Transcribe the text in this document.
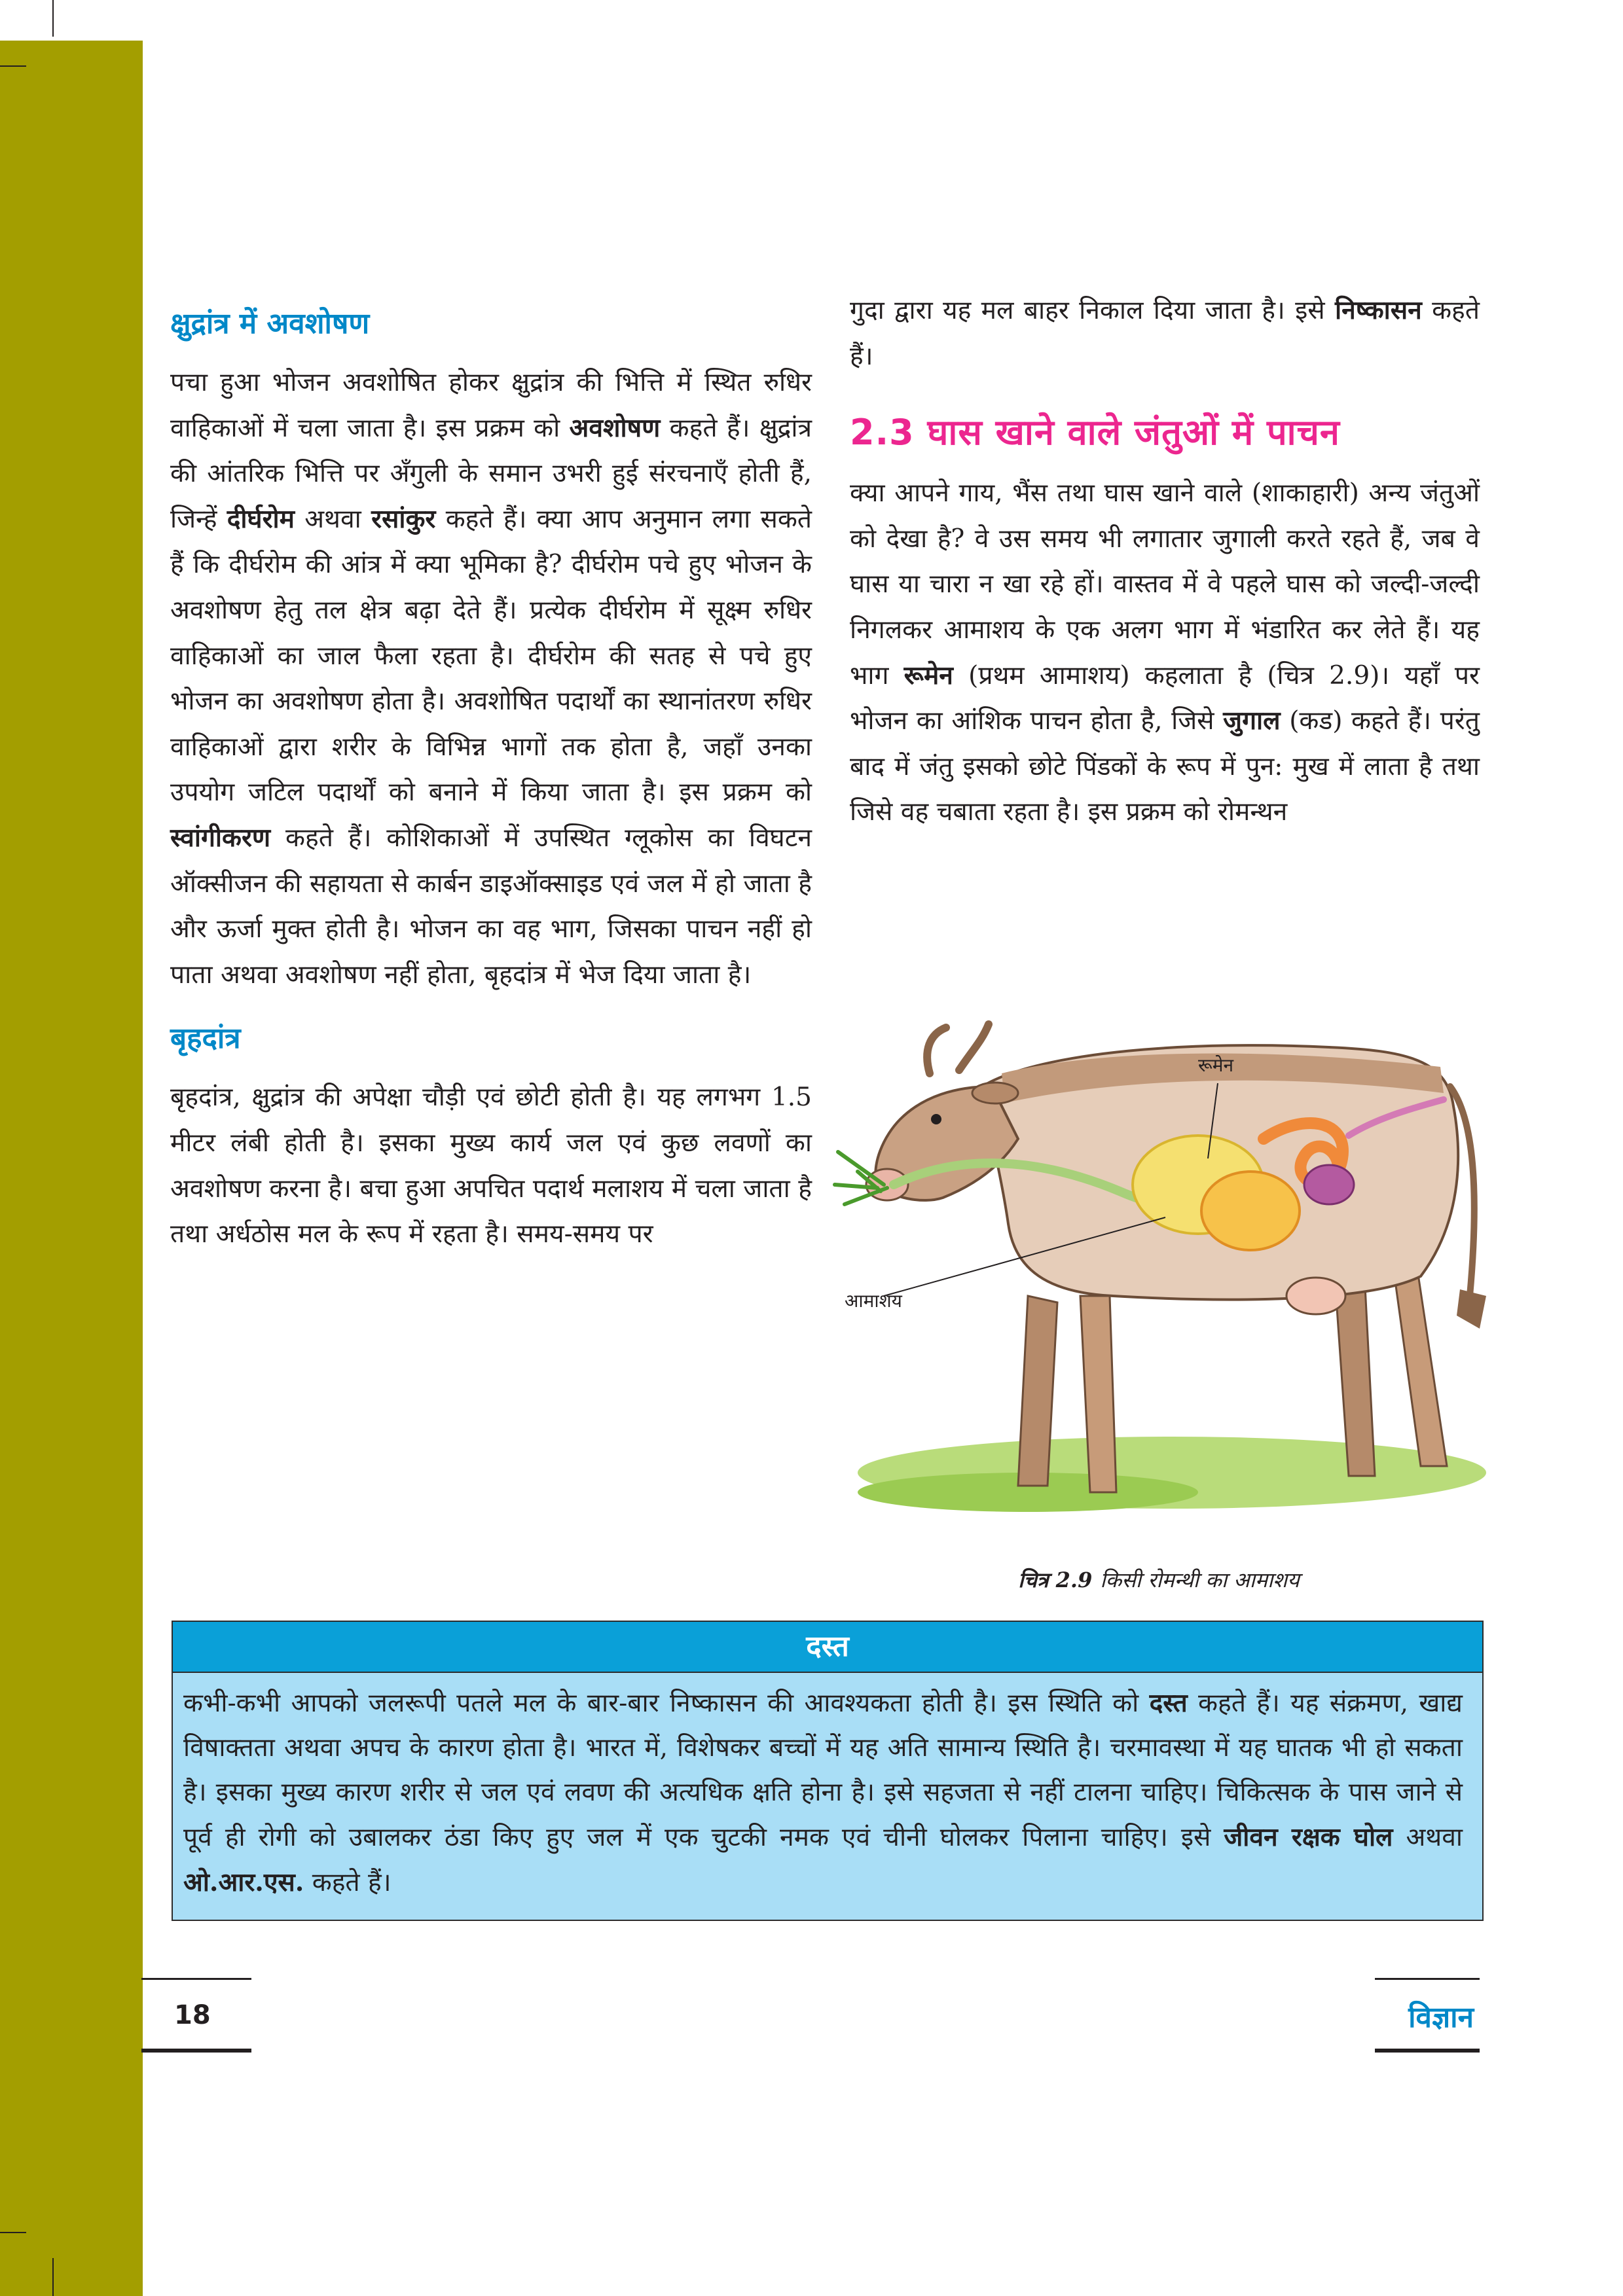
क्षुद्रांत्र में अवशोषण

पचा हुआ भोजन अवशोषित होकर क्षुद्रांत्र की भित्ति में स्थित रुधिर वाहिकाओं में चला जाता है। इस प्रक्रम को अवशोषण कहते हैं। क्षुद्रांत्र की आंतरिक भित्ति पर अँगुली के समान उभरी हुई संरचनाएँ होती हैं, जिन्हें दीर्घरोम अथवा रसांकुर कहते हैं। क्या आप अनुमान लगा सकते हैं कि दीर्घरोम की आंत्र में क्या भूमिका है? दीर्घरोम पचे हुए भोजन के अवशोषण हेतु तल क्षेत्र बढ़ा देते हैं। प्रत्येक दीर्घरोम में सूक्ष्म रुधिर वाहिकाओं का जाल फैला रहता है। दीर्घरोम की सतह से पचे हुए भोजन का अवशोषण होता है। अवशोषित पदार्थों का स्थानांतरण रुधिर वाहिकाओं द्वारा शरीर के विभिन्न भागों तक होता है, जहाँ उनका उपयोग जटिल पदार्थों को बनाने में किया जाता है। इस प्रक्रम को स्वांगीकरण कहते हैं। कोशिकाओं में उपस्थित ग्लूकोस का विघटन ऑक्सीजन की सहायता से कार्बन डाइऑक्साइड एवं जल में हो जाता है और ऊर्जा मुक्त होती है। भोजन का वह भाग, जिसका पाचन नहीं हो पाता अथवा अवशोषण नहीं होता, बृहदांत्र में भेज दिया जाता है।

बृहदांत्र

बृहदांत्र, क्षुद्रांत्र की अपेक्षा चौड़ी एवं छोटी होती है। यह लगभग 1.5 मीटर लंबी होती है। इसका मुख्य कार्य जल एवं कुछ लवणों का अवशोषण करना है। बचा हुआ अपचित पदार्थ मलाशय में चला जाता है तथा अर्धठोस मल के रूप में रहता है। समय-समय पर

गुदा द्वारा यह मल बाहर निकाल दिया जाता है। इसे निष्कासन कहते हैं।

2.3 घास खाने वाले जंतुओं में पाचन

क्या आपने गाय, भैंस तथा घास खाने वाले (शाकाहारी) अन्य जंतुओं को देखा है? वे उस समय भी लगातार जुगाली करते रहते हैं, जब वे घास या चारा न खा रहे हों। वास्तव में वे पहले घास को जल्दी-जल्दी निगलकर आमाशय के एक अलग भाग में भंडारित कर लेते हैं। यह भाग रूमेन (प्रथम आमाशय) कहलाता है (चित्र 2.9)। यहाँ पर भोजन का आंशिक पाचन होता है, जिसे जुगाल (कड) कहते हैं। परंतु बाद में जंतु इसको छोटे पिंडकों के रूप में पुन: मुख में लाता है तथा जिसे वह चबाता रहता है। इस प्रक्रम को रोमन्थन

रूमेन
आमाशय
चित्र 2.9 किसी रोमन्थी का आमाशय
दस्त
कभी-कभी आपको जलरूपी पतले मल के बार-बार निष्कासन की आवश्यकता होती है। इस स्थिति को दस्त कहते हैं। यह संक्रमण, खाद्य विषाक्तता अथवा अपच के कारण होता है। भारत में, विशेषकर बच्चों में यह अति सामान्य स्थिति है। चरमावस्था में यह घातक भी हो सकता है। इसका मुख्य कारण शरीर से जल एवं लवण की अत्यधिक क्षति होना है। इसे सहजता से नहीं टालना चाहिए। चिकित्सक के पास जाने से पूर्व ही रोगी को उबालकर ठंडा किए हुए जल में एक चुटकी नमक एवं चीनी घोलकर पिलाना चाहिए। इसे जीवन रक्षक घोल अथवा ओ.आर.एस. कहते हैं।
18	विज्ञान
